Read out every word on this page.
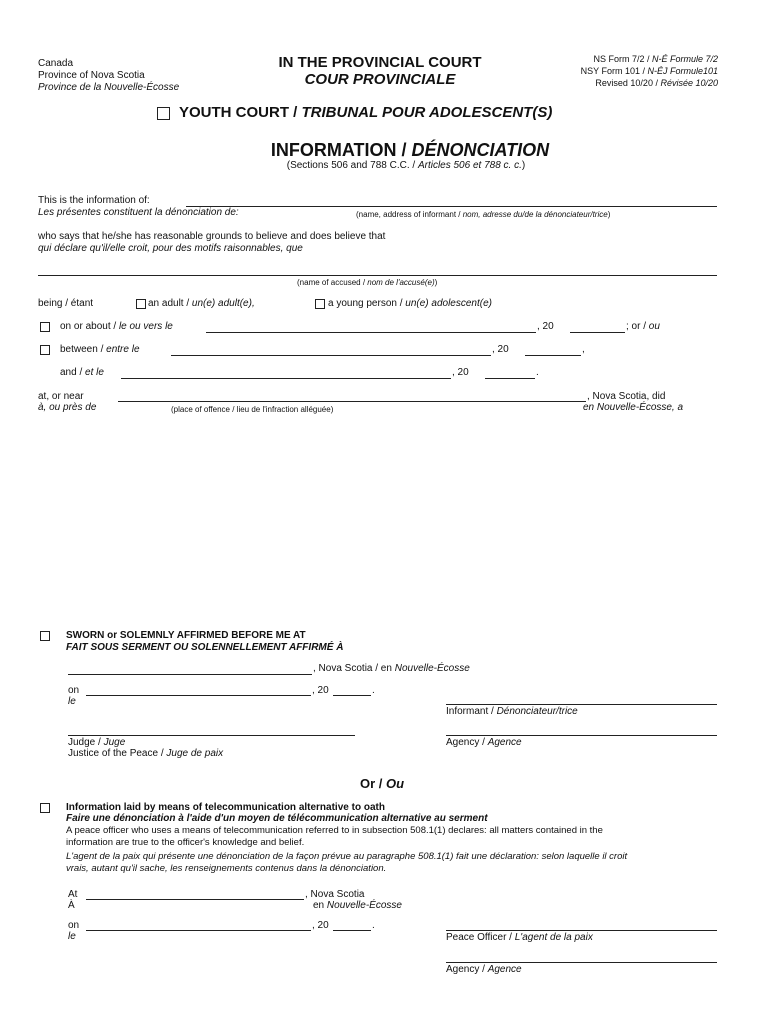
Canada
Province of Nova Scotia
Province de la Nouvelle-Écosse
IN THE PROVINCIAL COURT
COUR PROVINCIALE
NS Form 7/2 / N-É Formule 7/2
NSY Form 101 / N-ÉJ Formule101
Revised 10/20 / Révisée 10/20
YOUTH COURT / TRIBUNAL POUR ADOLESCENT(S)
INFORMATION / DÉNONCIATION
(Sections 506 and 788 C.C. / Articles 506 et 788 c. c.)
This is the information of:
Les présentes constituent la dénonciation de:	(name, address of informant / nom, adresse du/de la dénonciateur/trice)
who says that he/she has reasonable grounds to believe and does believe that
qui déclare qu'il/elle croit, pour des motifs raisonnables, que
(name of accused / nom de l'accusé(e))
being / étant	an adult / un(e) adult(e),	a young person / un(e) adolescent(e)
on or about / le ou vers le	, 20	; or / ou
between / entre le	, 20	,
and / et le	, 20	.
at, or near
à, ou près de	(place of offence / lieu de l'infraction alléguée)
, Nova Scotia, did
en Nouvelle-Écosse, a
SWORN or SOLEMNLY AFFIRMED BEFORE ME AT
FAIT SOUS SERMENT OU SOLENNELLEMENT AFFIRMÉ À
, Nova Scotia / en Nouvelle-Écosse
on
le
, 20	.
Informant / Dénonciateur/trice
Judge / Juge
Justice of the Peace / Juge de paix
Agency / Agence
Or / Ou
Information laid by means of telecommunication alternative to oath
Faire une dénonciation à l'aide d'un moyen de télécommunication alternative au serment
A peace officer who uses a means of telecommunication referred to in subsection 508.1(1) declares: all matters contained in the
information are true to the officer's knowledge and belief.
L'agent de la paix qui présente une dénonciation de la façon prévue au paragraphe 508.1(1) fait une déclaration: selon laquelle il croit
vrais, autant qu'il sache, les renseignements contenus dans la dénonciation.
At
À
, Nova Scotia
en Nouvelle-Écosse
on
le
, 20	.
Peace Officer / L'agent de la paix
Agency / Agence
